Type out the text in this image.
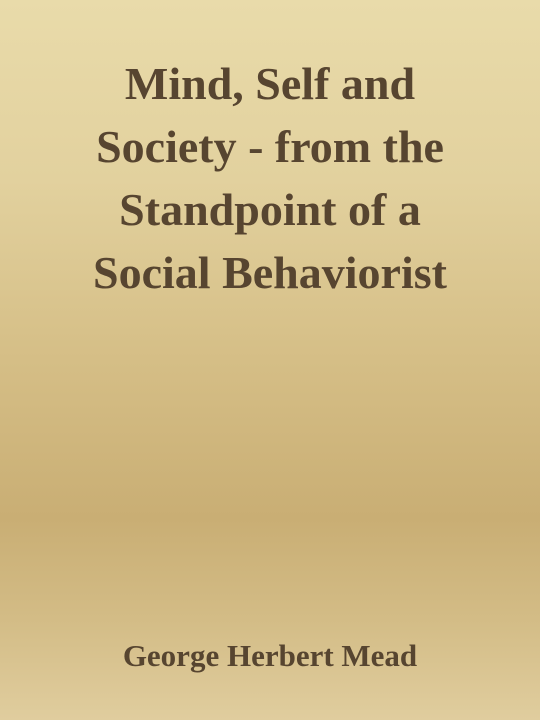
Mind, Self and
Society - from the
Standpoint of a
Social Behaviorist
George Herbert Mead
